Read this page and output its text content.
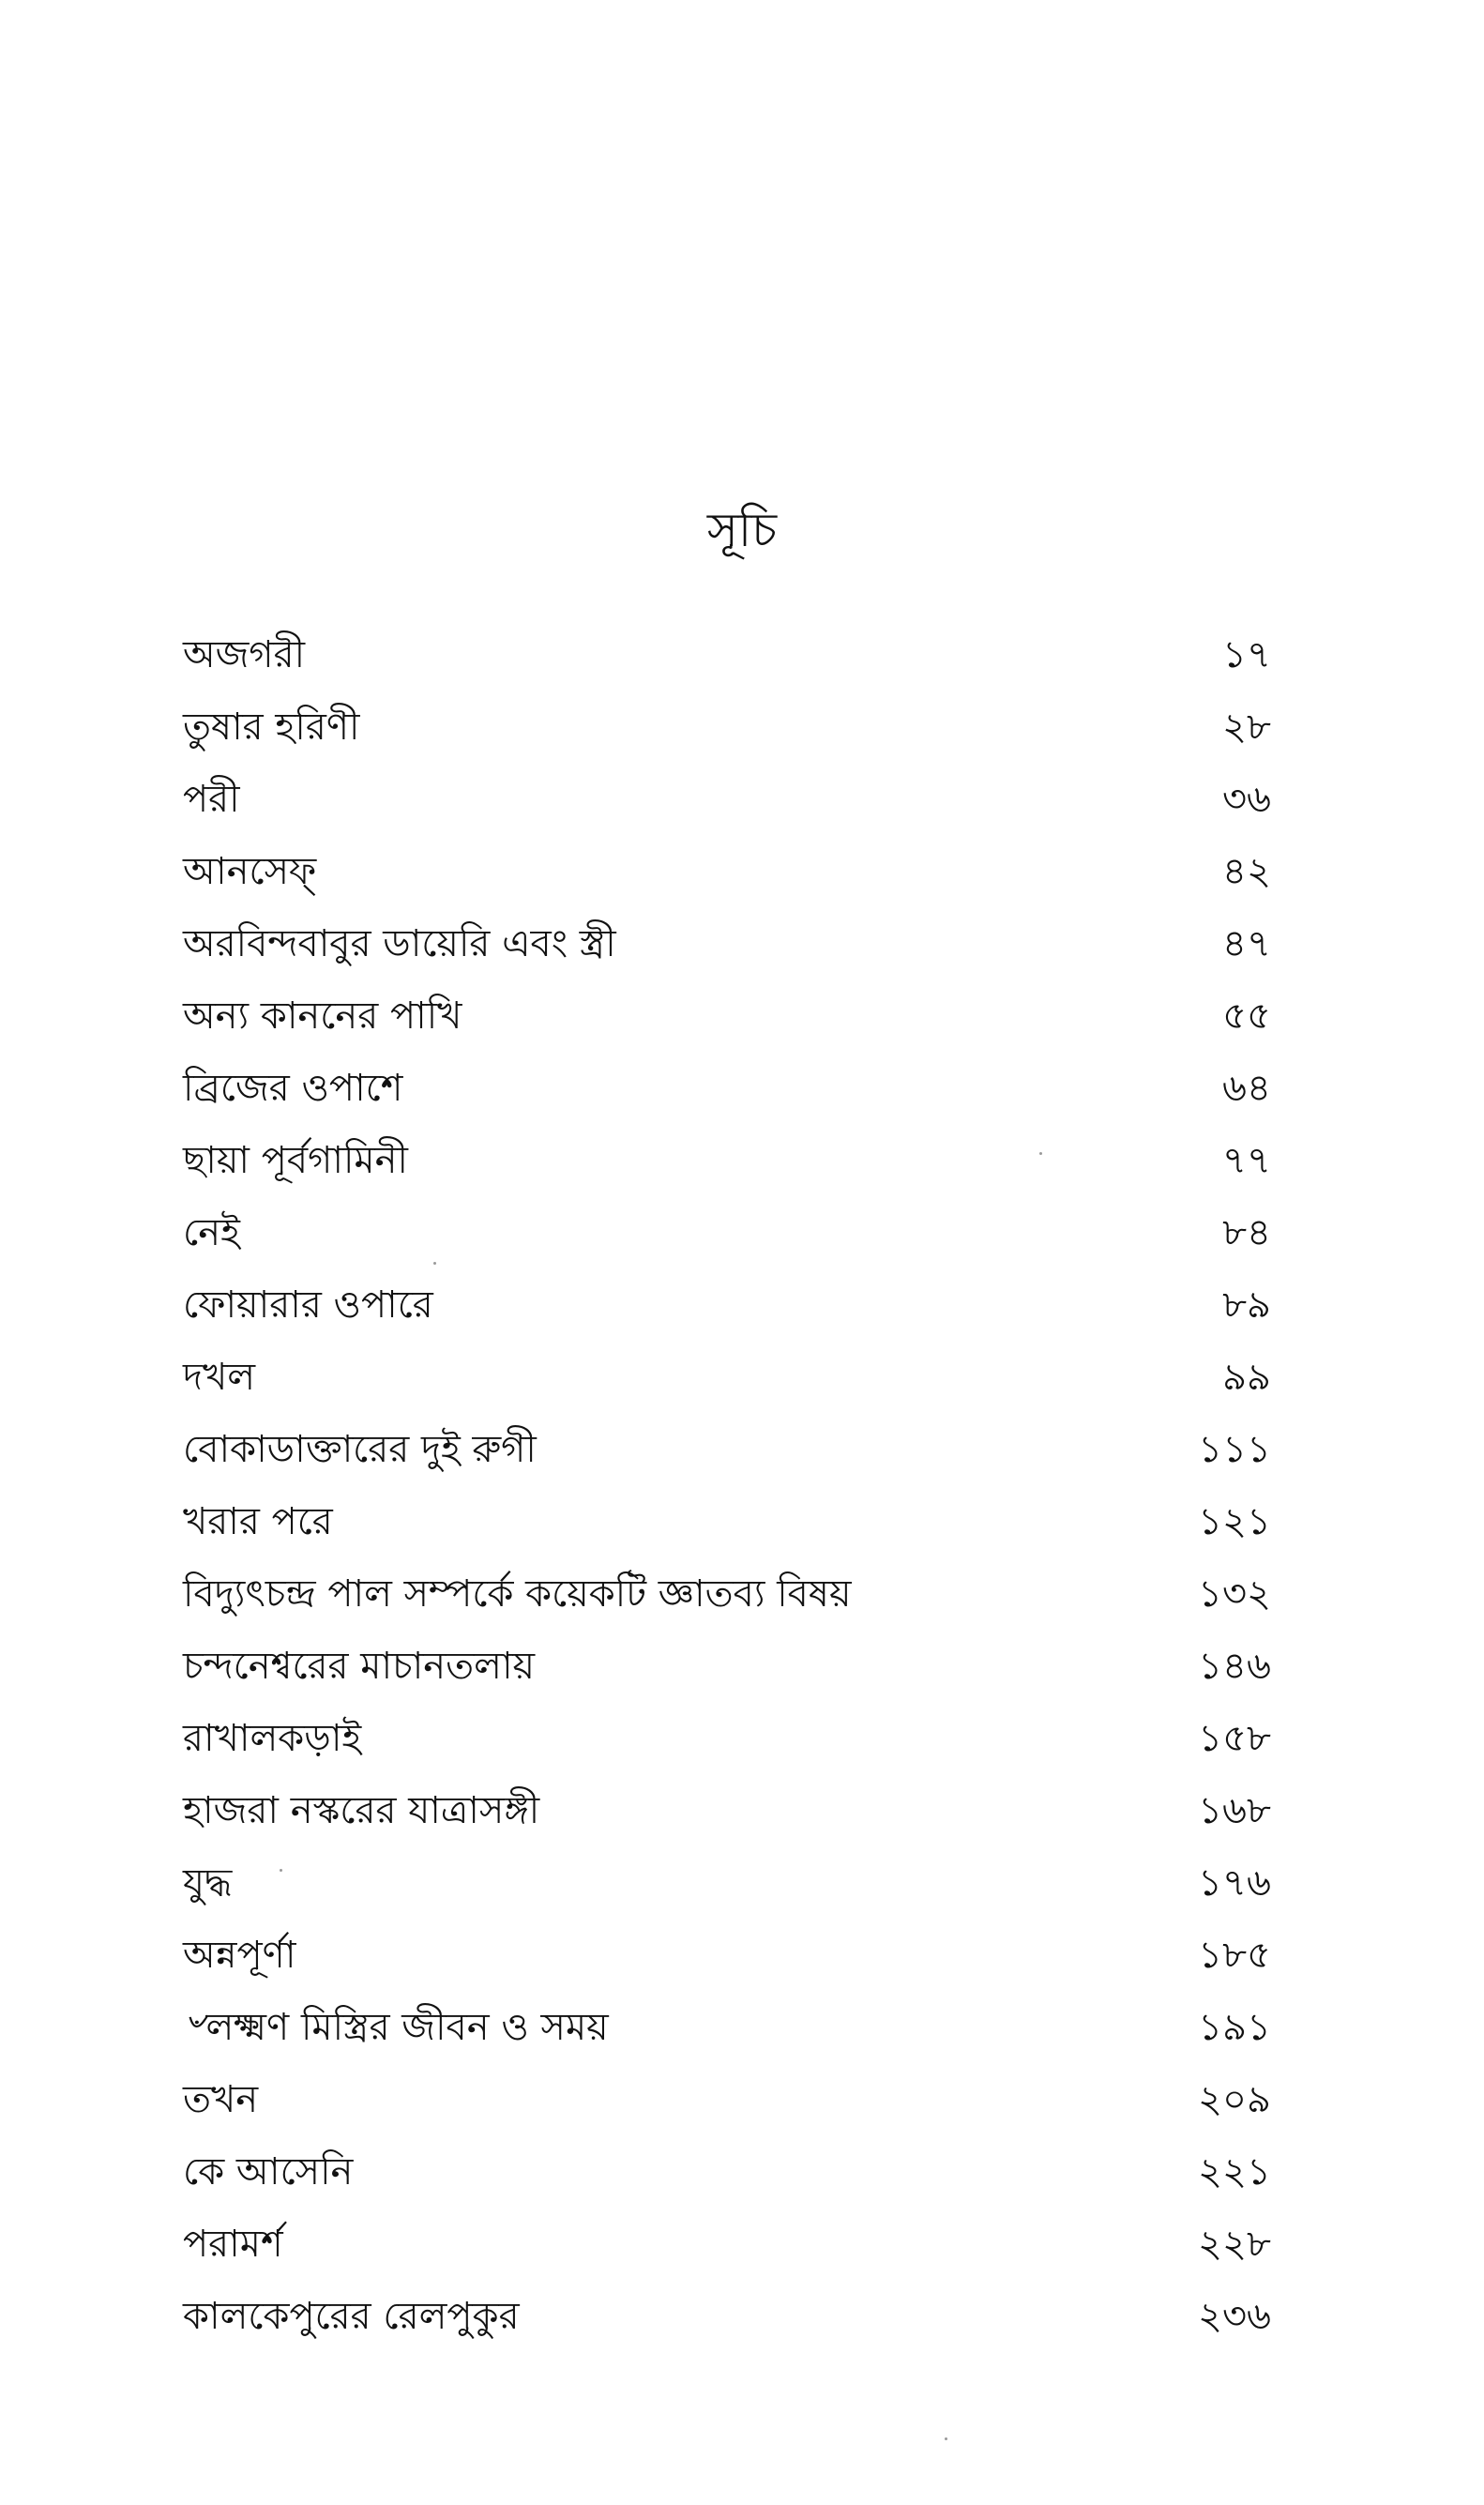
সূচি
অজগরী	১৭
তুষার হরিণী	২৮
পরী	৩৬
আনসেফ্	৪২
অরবিন্দবাবুর ডায়েরি এবং স্ত্রী	৪৭
অন্য কাননের পাখি	৫৫
ব্রিজের ওপাশে	৬৪
ছায়া পূর্বগামিনী	৭৭
নেই	৮৪
ফোয়ারার ওপারে	৮৯
দখল	৯৯
বোকাডাক্তারের দুই রুগী	১১১
খরার পরে	১২১
বিদ্যুৎচন্দ্র পাল সম্পর্কে কয়েকটি জ্ঞাতব্য বিষয়	১৩২
চন্দনেশ্বরের মাচানতলায়	১৪৬
রাখালকড়াই	১৫৮
হাজরা নস্করের যাত্রাসঙ্গী	১৬৮
যুদ্ধ	১৭৬
অন্নপূর্ণা	১৮৫
৺লক্ষ্মণ মিস্ত্রির জীবন ও সময়	১৯১
তখন	২০৯
কে আসেনি	২২১
পরামর্শ	২২৮
কালকেপুরের রেলপুকুর	২৩৬
